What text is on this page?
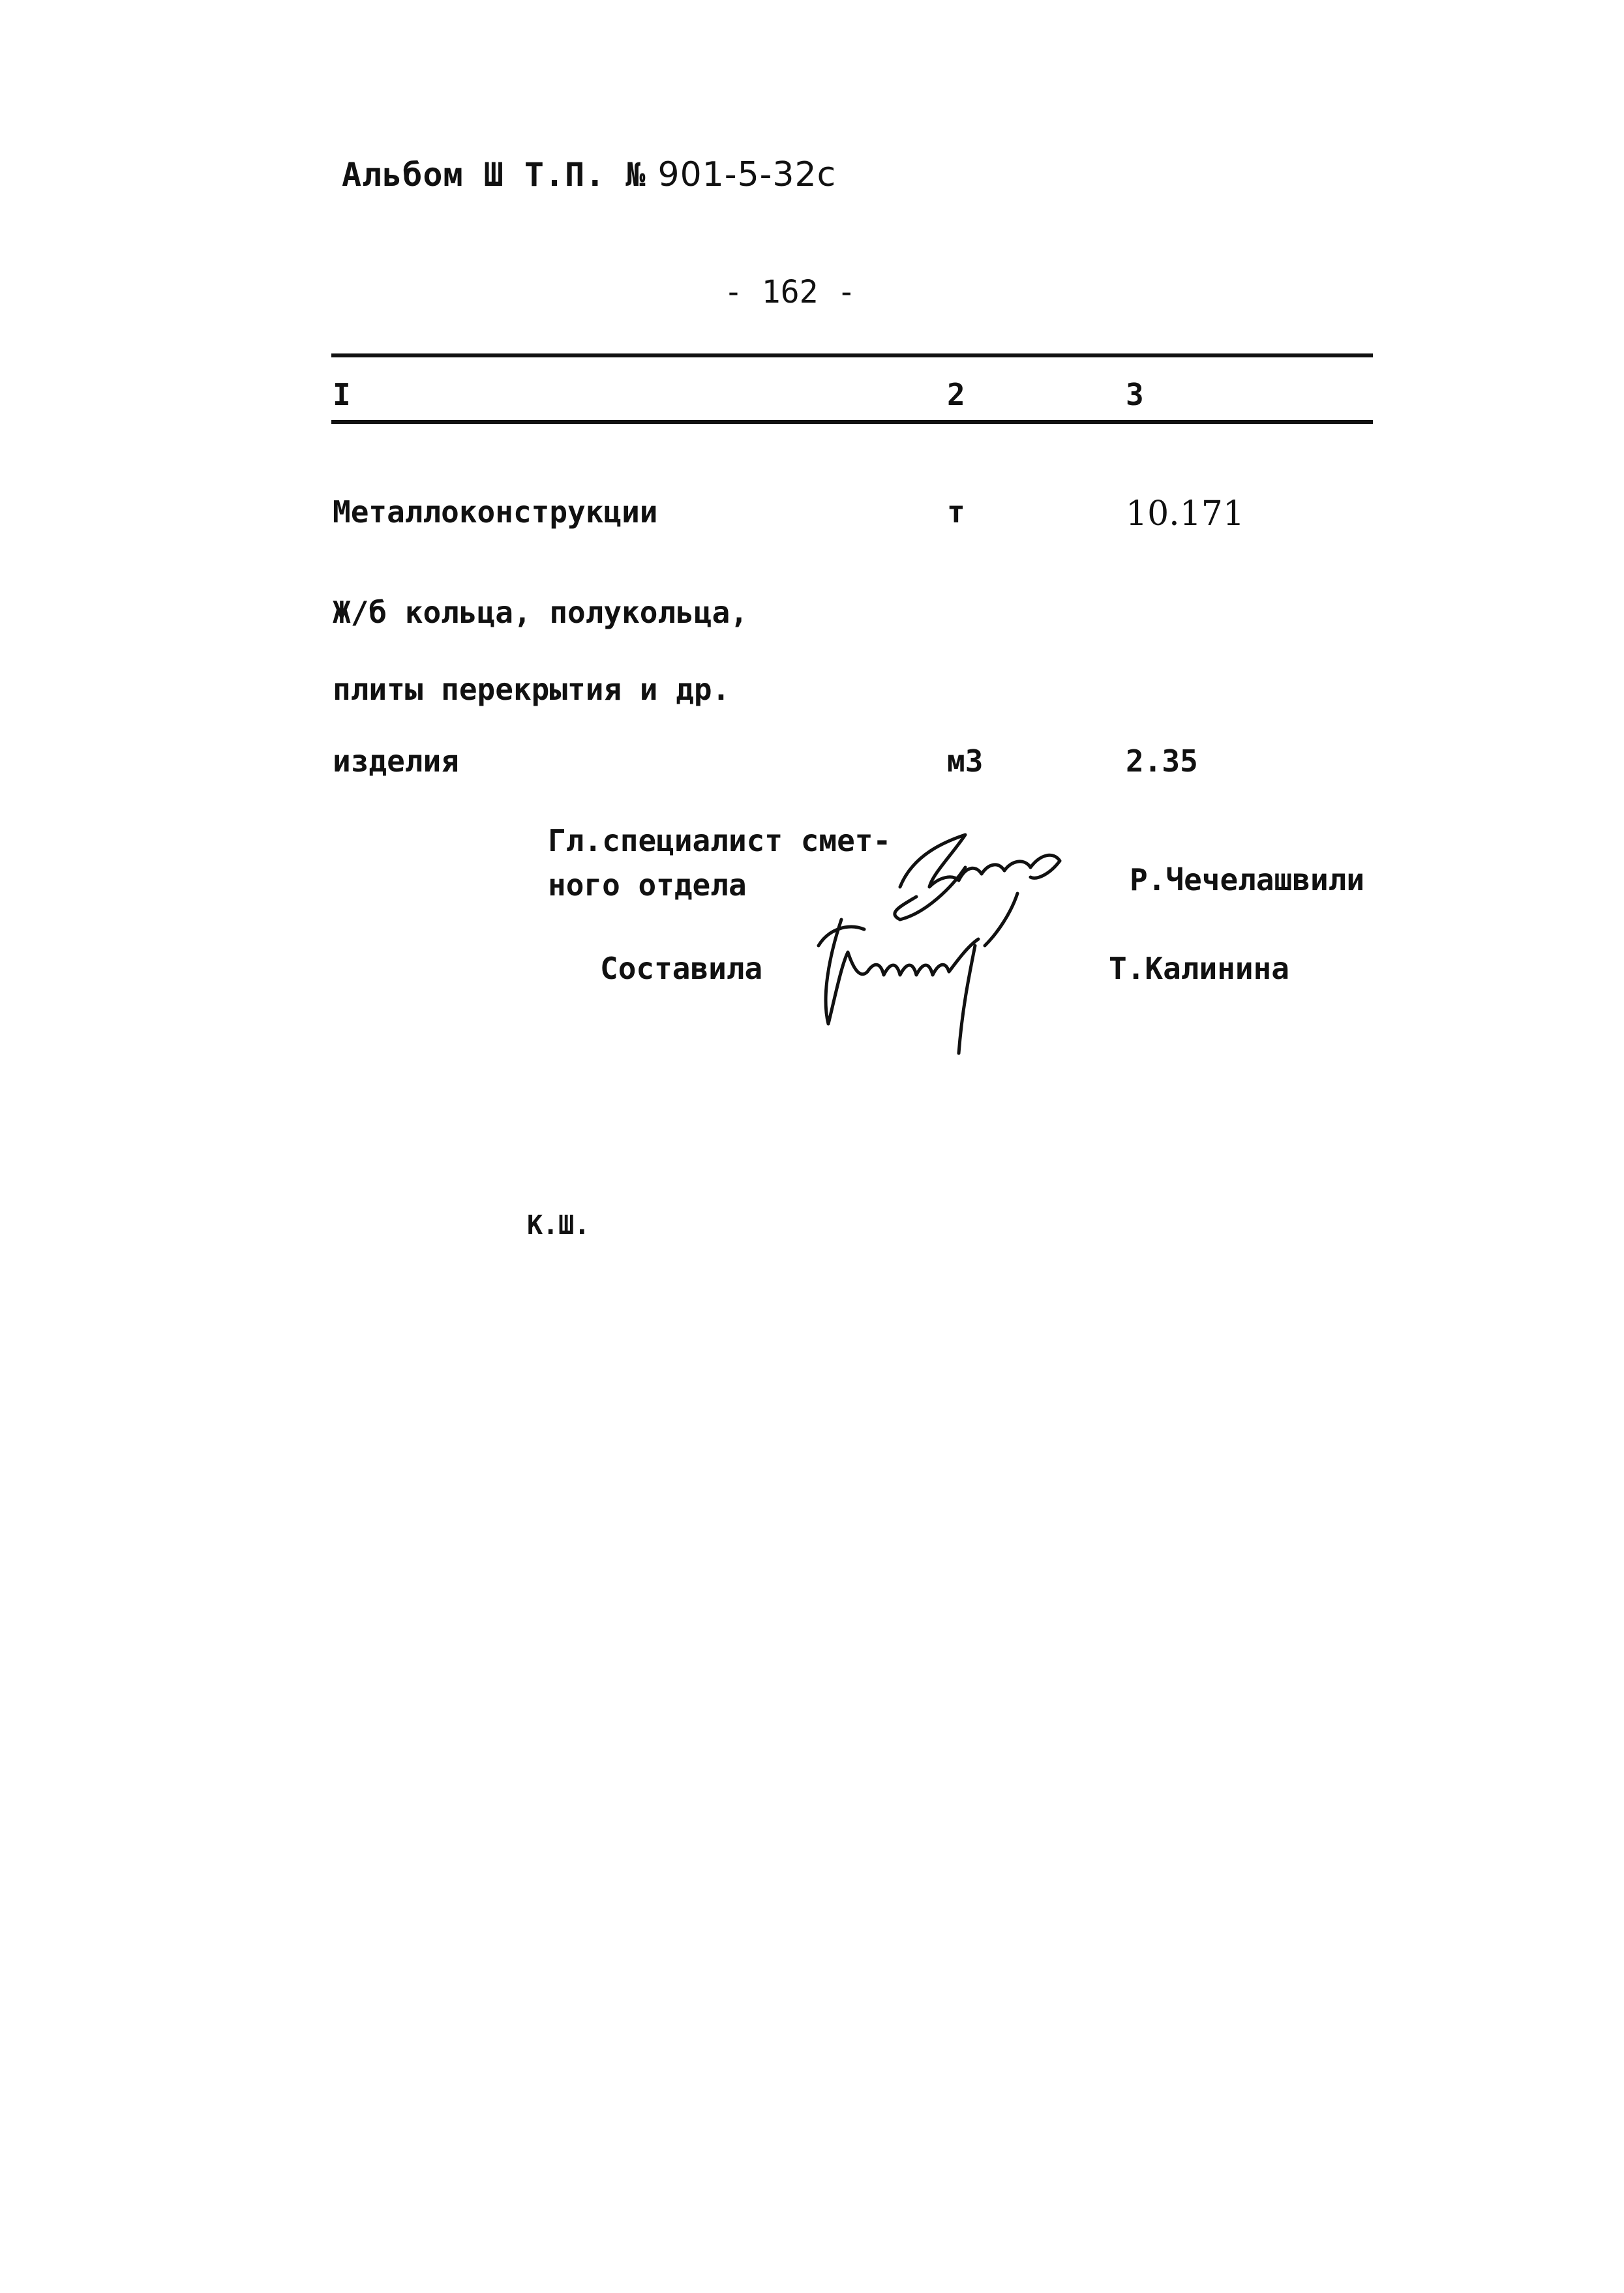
Альбом Ш Т.П. № 901-5-32с
- 162 -
I	2	3
Металлоконструкции	т	10.171
Ж/б кольца, полукольца,
плиты перекрытия и др.
изделия	м3	2.35
Гл.специалист смет-
ного отдела	Р.Чечелашвили
Составила	Т.Калинина
К.Ш.
